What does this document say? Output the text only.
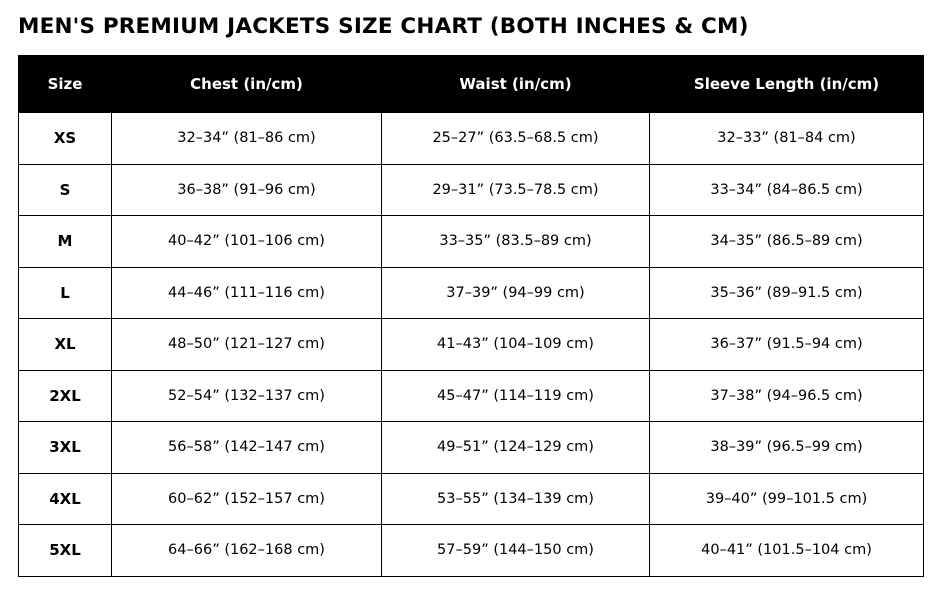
MEN'S PREMIUM JACKETS SIZE CHART (BOTH INCHES & CM)
Size	Chest (in/cm)	Waist (in/cm)	Sleeve Length (in/cm)
XS	32–34” (81–86 cm)	25–27” (63.5–68.5 cm)	32–33” (81–84 cm)
S	36–38” (91–96 cm)	29–31” (73.5–78.5 cm)	33–34” (84–86.5 cm)
M	40–42” (101–106 cm)	33–35” (83.5–89 cm)	34–35” (86.5–89 cm)
L	44–46” (111–116 cm)	37–39” (94–99 cm)	35–36” (89–91.5 cm)
XL	48–50” (121–127 cm)	41–43” (104–109 cm)	36–37” (91.5–94 cm)
2XL	52–54” (132–137 cm)	45–47” (114–119 cm)	37–38” (94–96.5 cm)
3XL	56–58” (142–147 cm)	49–51” (124–129 cm)	38–39” (96.5–99 cm)
4XL	60–62” (152–157 cm)	53–55” (134–139 cm)	39–40” (99–101.5 cm)
5XL	64–66” (162–168 cm)	57–59” (144–150 cm)	40–41” (101.5–104 cm)
